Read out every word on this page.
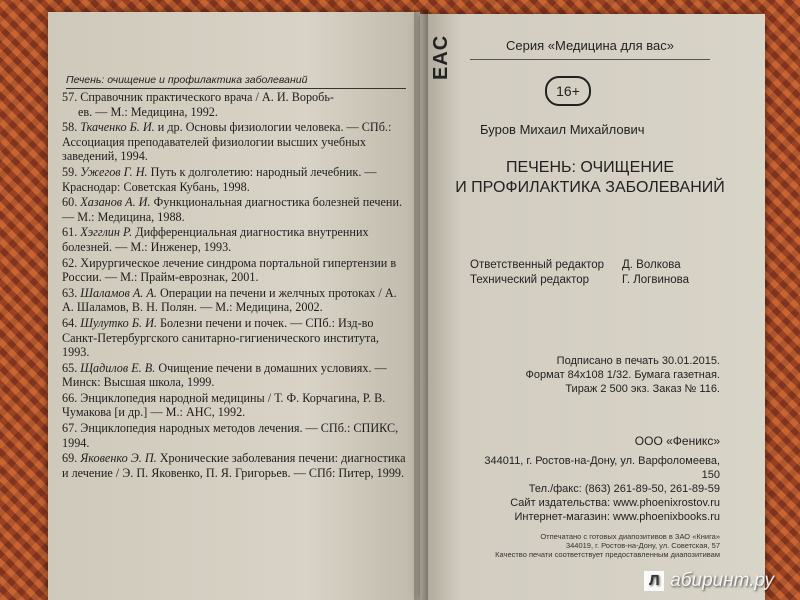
Печень: очищение и профилактика заболеваний
57. Справочник практического врача / А. И. Воробь-
ев. — М.: Медицина, 1992.
58. Ткаченко Б. И. и др. Основы физиологии человека. — СПб.: Ассоциация преподавателей физиологии высших учебных заведений, 1994.
59. Ужегов Г. Н. Путь к долголетию: народный лечебник. — Краснодар: Советская Кубань, 1998.
60. Хазанов А. И. Функциональная диагностика болезней печени. — М.: Медицина, 1988.
61. Хэгглин Р. Дифференциальная диагностика внутренних болезней. — М.: Инженер, 1993.
62. Хирургическое лечение синдрома портальной гипертензии в России. — М.: Прайм-еврознак, 2001.
63. Шаламов А. А. Операции на печени и желчных протоках / А. А. Шаламов, В. Н. Полян. — М.: Медицина, 2002.
64. Шулутко Б. И. Болезни печени и почек. — СПб.: Изд-во Санкт-Петербургского санитарно-гигиенического института, 1993.
65. Щадилов Е. В. Очищение печени в домашних условиях. — Минск: Высшая школа, 1999.
66. Энциклопедия народной медицины / Т. Ф. Корчагина, Р. В. Чумакова [и др.] — М.: АНС, 1992.
67. Энциклопедия народных методов лечения. — СПб.: СПИКС, 1994.
69. Яковенко Э. П. Хронические заболевания печени: диагностика и лечение / Э. П. Яковенко, П. Я. Григорьев. — СПб: Питер, 1999.
Серия «Медицина для вас»
EAC
16+
Буров Михаил Михайлович
ПЕЧЕНЬ: ОЧИЩЕНИЕ
И ПРОФИЛАКТИКА ЗАБОЛЕВАНИЙ
Ответственный редактор	Д. Волкова
Технический редактор	Г. Логвинова
Подписано в печать 30.01.2015.
Формат 84х108 1/32. Бумага газетная.
Тираж 2 500 экз. Заказ № 116.
ООО «Феникс»
344011, г. Ростов-на-Дону, ул. Варфоломеева, 150
Тел./факс: (863) 261-89-50, 261-89-59
Сайт издательства: www.phoenixrostov.ru
Интернет-магазин: www.phoenixbooks.ru
Отпечатано с готовых диапозитивов в ЗАО «Книга»
344019, г. Ростов-на-Дону, ул. Советская, 57
Качество печати соответствует предоставленным диапозитивам
Л абиринт.ру
